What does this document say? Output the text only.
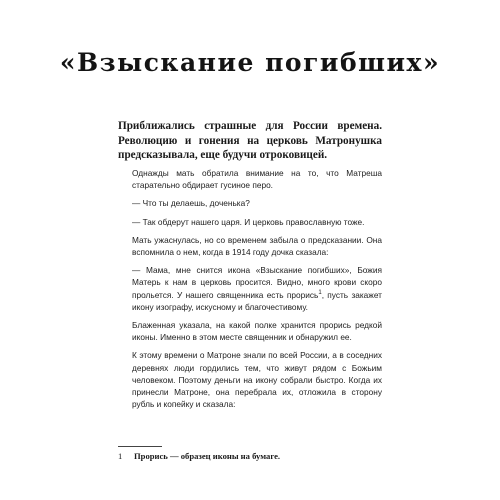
«Взыскание погибших»
Приближались страшные для России времена. Революцию и гонения на церковь Матронушка предсказывала, еще будучи отроковицей.

Однажды мать обратила внимание на то, что Матреша старательно обдирает гусиное перо.

— Что ты делаешь, доченька?

— Так обдерут нашего царя. И церковь православную тоже.

Мать ужаснулась, но со временем забыла о предсказании. Она вспомнила о нем, когда в 1914 году дочка сказала:

— Мама, мне снится икона «Взыскание погибших», Божия Матерь к нам в церковь просится. Видно, много крови скоро прольется. У нашего священника есть прорись$^1$, пусть закажет икону изографу, искусному и благочестивому.

Блаженная указала, на какой полке хранится прорись редкой иконы. Именно в этом месте священник и обнаружил ее.

К этому времени о Матроне знали по всей России, а в соседних деревнях люди гордились тем, что живут рядом с Божьим человеком. Поэтому деньги на икону собрали быстро. Когда их принесли Матроне, она перебрала их, отложила в сторону рубль и копейку и сказала:

1 Прорись — образец иконы на бумаге.
